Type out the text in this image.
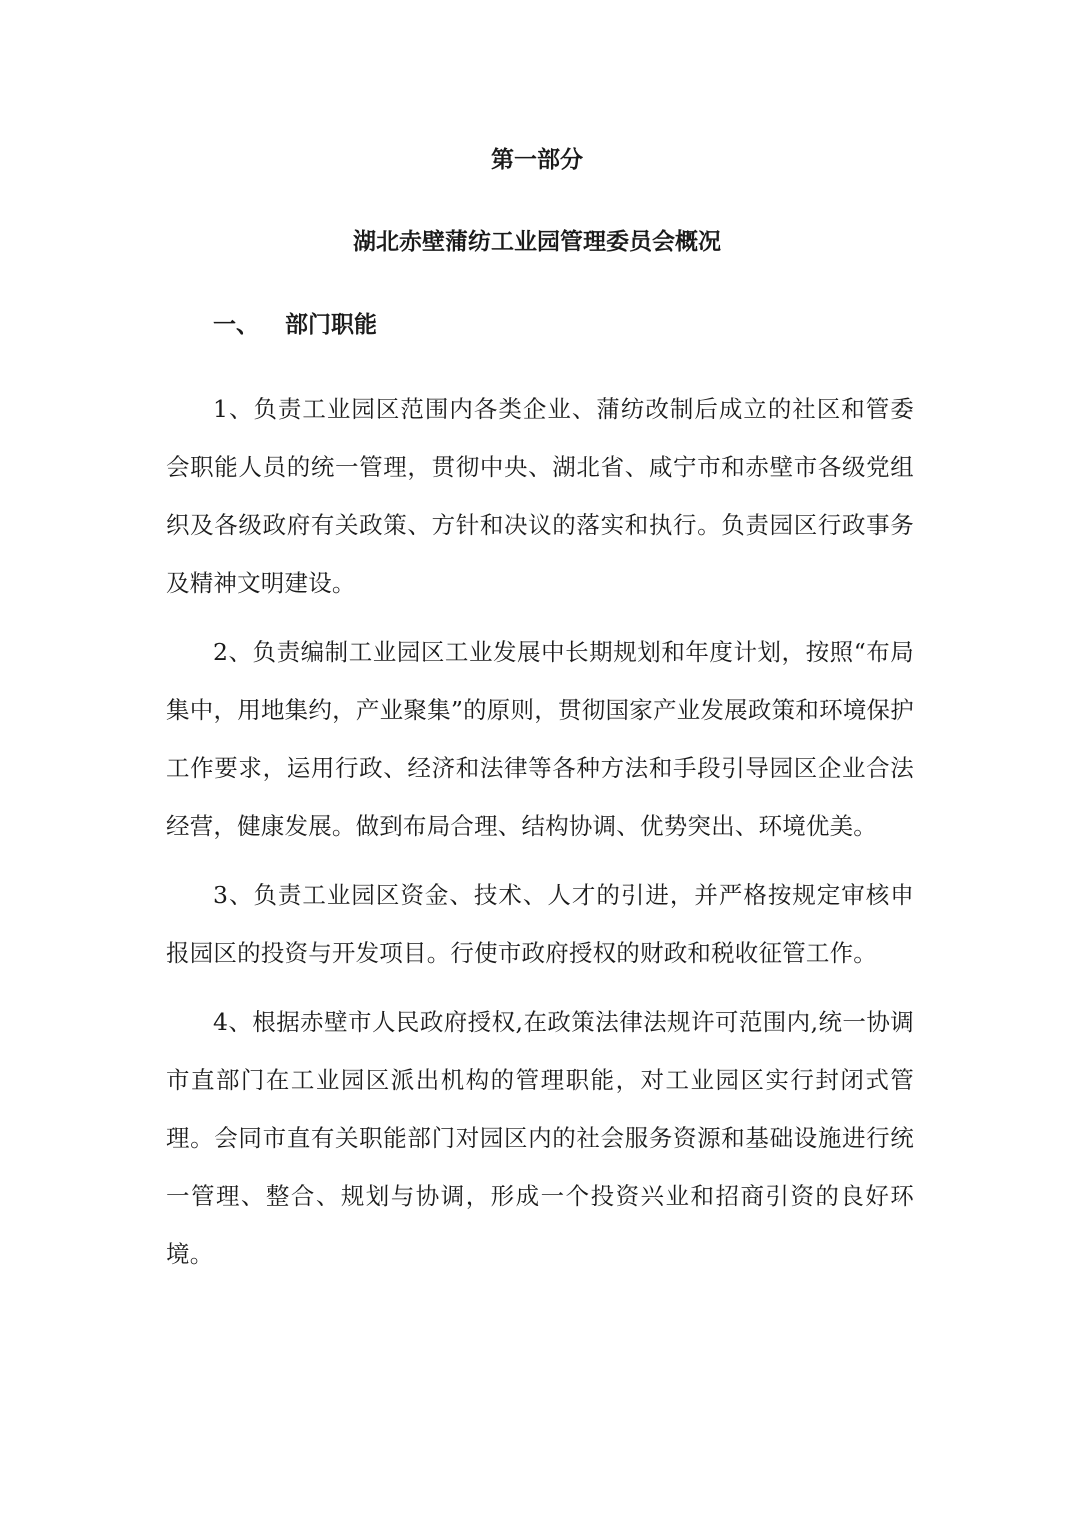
第一部分
湖北赤壁蒲纺工业园管理委员会概况
一、 部门职能

1、负责工业园区范围内各类企业、蒲纺改制后成立的社区和管委会职能人员的统一管理，贯彻中央、湖北省、咸宁市和赤壁市各级党组织及各级政府有关政策、方针和决议的落实和执行。负责园区行政事务及精神文明建设。

2、负责编制工业园区工业发展中长期规划和年度计划，按照“布局集中，用地集约，产业聚集”的原则，贯彻国家产业发展政策和环境保护工作要求，运用行政、经济和法律等各种方法和手段引导园区企业合法经营，健康发展。做到布局合理、结构协调、优势突出、环境优美。

3、负责工业园区资金、技术、人才的引进，并严格按规定审核申报园区的投资与开发项目。行使市政府授权的财政和税收征管工作。

4、根据赤壁市人民政府授权,在政策法律法规许可范围内,统一协调市直部门在工业园区派出机构的管理职能，对工业园区实行封闭式管理。会同市直有关职能部门对园区内的社会服务资源和基础设施进行统一管理、整合、规划与协调，形成一个投资兴业和招商引资的良好环境。
